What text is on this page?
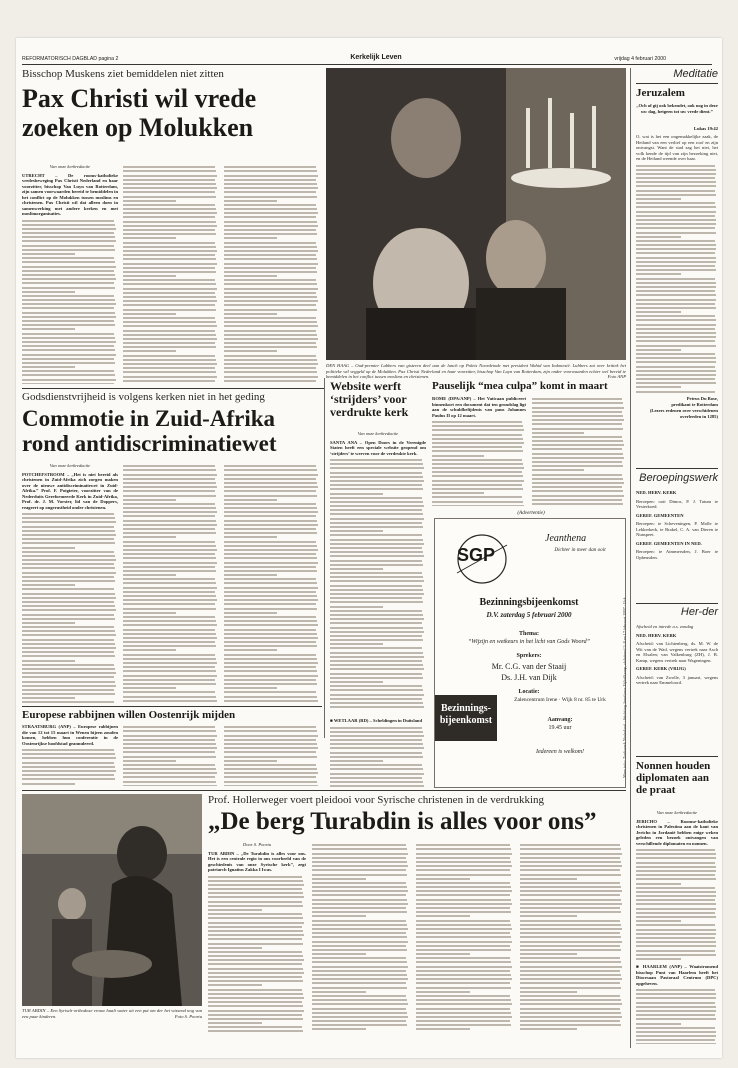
REFORMATORISCH DAGBLAD pagina 2	Kerkelijk Leven	vrijdag 4 februari 2000
Bisschop Muskens ziet bemiddelen niet zitten
Pax Christi wil vrede zoeken op Molukken

Van onze kerkredactie

UTRECHT – De rooms-katholieke vredesbeweging Pax Christi Nederland en haar voorzitter, bisschop Van Luyn van Rotterdam, zijn samen voorwaarden bereid te bemiddelen in het conflict op de Molukken tussen moslims en christenen. Pax Christi wil dat alleen doen in samenwerking met andere kerken en met moslimorganisaties.

DEN HAAG – Oud-premier Lubbers van gisteren deel aan de lunch op Paleis Noordeinde met president Wahid van Indonesië. Lubbers zat over kritiek het politieke wil veggeld op de Molukken. Pax Christi Nederland en haar voorzitter, bisschop Van Luyn van Rotterdam, zijn onder voorwaarden echter wel bereid te bemiddelen in het conflict tussen moslims en christenen.	Foto ANP
Godsdienstvrijheid is volgens kerken niet in het geding
Commotie in Zuid-Afrika rond antidiscriminatiewet

Van onze kerkredactie

POTCHEFSTROOM – „Het is niet bereid als christenen in Zuid-Afrika zich zorgen maken over de nieuwe antidiscriminatiewet in Zuid-Afrika.” Prof. F. Potgieter, voorzitter van de Nederduits Gereformeerde Kerk in Zuid-Afrika, Prof. dr. J. M. Vorster, lid van de Doppers, reageert op ongerustheid onder christenen.

Website werft ‘strijders’ voor verdrukte kerk

Van onze kerkredactie

SANTA ANA – Open Doors in de Verenigde Staten heeft een speciale website geopend om ‘strijders’ te werven voor de verdrukte kerk.

■ WETLAAR (RD) – Scheldingen in Duitsland

Pauselijk “mea culpa” komt in maart

ROME (DPA/ANP) – Het Vaticaan publiceert binnenkort een document dat ten grondslag ligt aan de schuldbelijdenis van paus Johannes Paulus II op 12 maart.

(Advertentie)
SGP
Jeanthena
Dichter in meer dan ooit
Bezinningsbijeenkomst
D.V. zaterdag 5 februari 2000
Thema:
“Wijzijn en wetkeurs in het licht van Gods Woord”
Sprekers:
Mr. C.G. van der Staaij
Ds. J.H. van Dijk
Locatie:
Zalencentrum Irene · Wijk 8 nr. 85 te Urk
Aanvang:
19.45 uur
Iedereen is welkom!
Bezinnings-bijeenkomst	Meer info: Zoekwerk Nederland · Stichting Jeanthena Eijkelkamp, afsluitend 5–8 en 17 februari 1997 · Urk
Europese rabbijnen willen Oostenrijk mijden

STRAATSBURG (ANP) – Europese rabbijnen die van 12 tot 15 maart in Wenen bijeen zouden komen, hebben hun conferentie in de Oostenrijkse hoofdstad geannuleerd.

TUR ABDIN – Een Syrisch-orthodoxe vrouw haalt water uit een put om der het wissend nog van een paar kinderen.	Foto S. Poortu
Prof. Hollerweger voert pleidooi voor Syrische christenen in de verdrukking
„De berg Turabdin is alles voor ons”

Door S. Poortu

TUR ABDIN – „De Turabdin is alles voor ons. Het is een centrale regio in ons voorbeeld van de geschiedenis van onze Syrische kerk”, zegt patriarch Ignatius Zakka I Iwas.

Meditatie
Jeruzalem
„Och of gij ook bekendet, ook nog in deze uw dag, hetgeen tot uw vrede dient.”
Lukas 19:42

O, wat is het een ongemakkelijke zaak, de Heiland van een verlief op een roof en zijn ontvangst. Want de stad zag het niet, het volk kende de tijd van zijn bezoeking niet, en de Heiland weende over haar.

Petrus Du Bose,
predikant te Rotterdam
(Lezers redenen over verschidenen overleeden in 1285)
Beroepingswerk

NED. HERV. KERK

Beroepen: ooit Dimos, P. J. Tatum te Vesterkoed.

GEREF. GEMEENTEN

Beroepen: te Scheveningen, P. Molle te Lekkerkerk, te Brakel, C. A. van Dieren te Nunspeet.

GEREF. GEMEENTEN IN NED.

Beroepen: te Aimmersden, J. Boer te Opheusden.

Her-der

Afscheid en intrede a.s. zondag

NED. HERV. KERK

Afscheid: van Lichtenberg, ds. M. W. de Wit van de Wad, wegens vertrek naar Asch en Elsalen; van Valkenburg (ZH), J. B. Kamp, wegens vertrek naar Wageningen.

GEREF. KERK (VRIJG)

Afscheid: van Zwolle, 3 januari, wegens vertrek naar Emmeloord.

Nonnen houden diplomaten aan de praat

Van onze kerkredactie

JERICHO – Roomse-katholieke christenen in Palestina aan de kant van Jericho in Jordanië hebben enige weken geleden een bezoek ontvangen van verschillende diplomaten en nonnen.

■ HAARLEM (ANP) – Waaistromend bisschop Punt van Haarlem heeft het Diocesaan Pastoraal Centrum (DPC) opgeheven.
